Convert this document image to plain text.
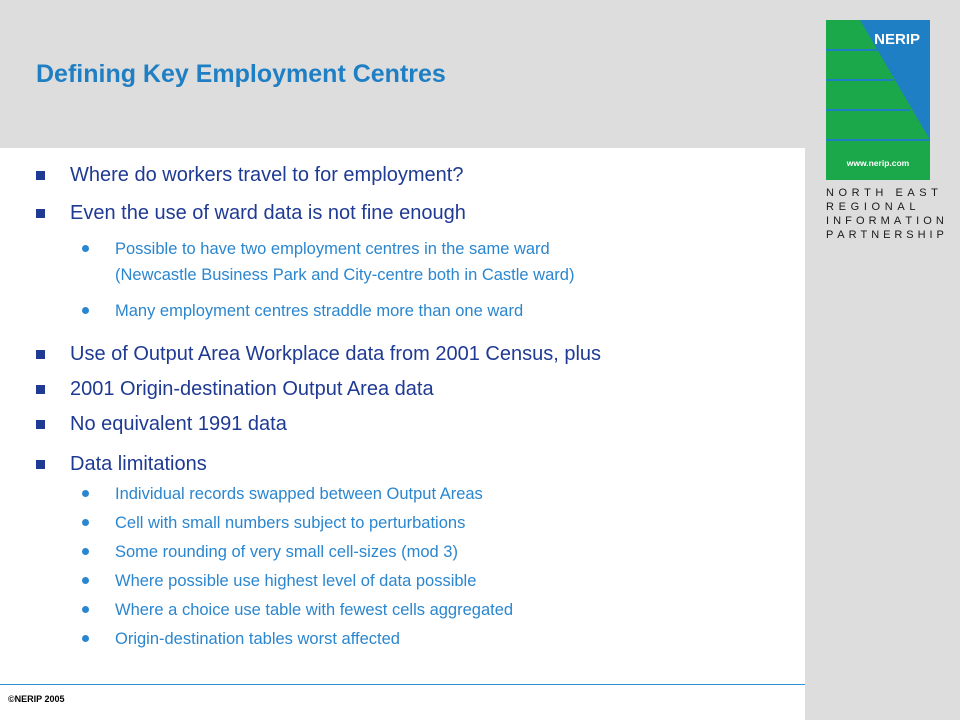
Defining Key Employment Centres
NERIP
www.nerip.com
N O R T H
E A S T
R E G I O N A L
I N F O R M A T I O N
P A R T N E R S H I P
Where do workers travel to for employment?
Even the use of ward data is not fine enough
Possible to have two employment centres in the same ward
(Newcastle Business Park and City-centre both in Castle ward)
Many employment centres straddle more than one ward
Use of Output Area Workplace data from 2001 Census, plus
2001 Origin-destination Output Area data
No equivalent 1991 data
Data limitations
Individual records swapped between Output Areas
Cell with small numbers subject to perturbations
Some rounding of very small cell-sizes (mod 3)
Where possible use highest level of data possible
Where a choice use table with fewest cells aggregated
Origin-destination tables worst affected
©NERIP 2005
